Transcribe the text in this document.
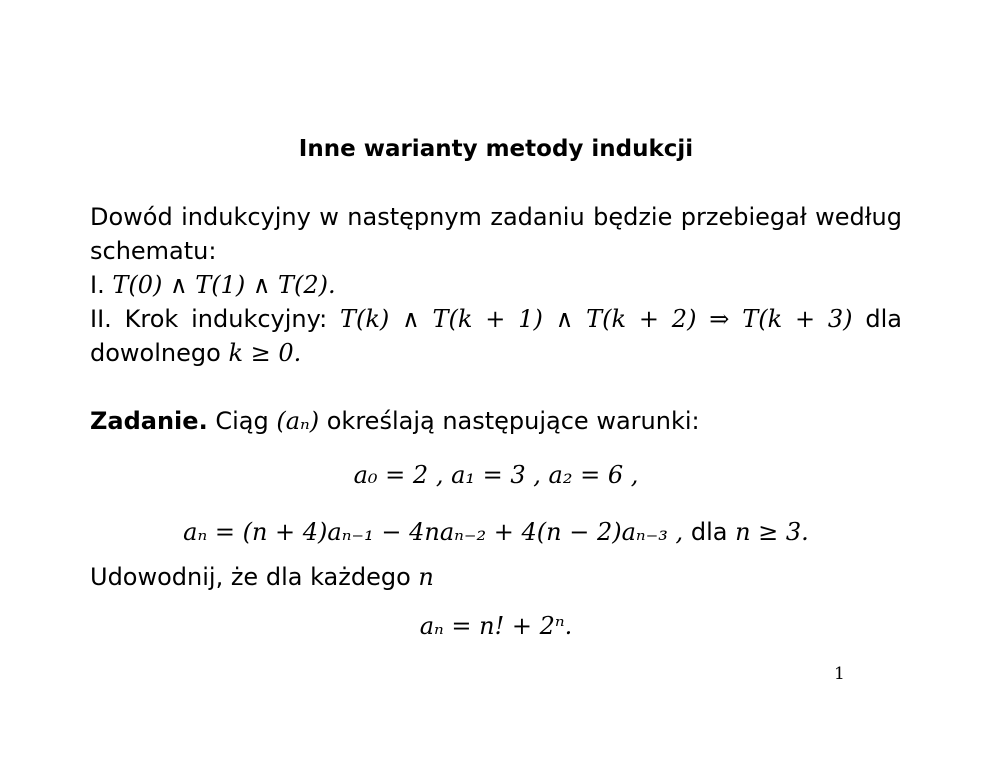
Inne warianty metody indukcji

Dowód indukcyjny w następnym zadaniu będzie przebiegał według schematu:

I. T(0) ∧ T(1) ∧ T(2).

II. Krok indukcyjny: T(k) ∧ T(k + 1) ∧ T(k + 2) ⇒ T(k + 3) dla dowolnego k ≥ 0.

Zadanie. Ciąg (aₙ) określają następujące warunki:
a₀ = 2 , a₁ = 3 , a₂ = 6 ,
aₙ = (n + 4)aₙ₋₁ − 4naₙ₋₂ + 4(n − 2)aₙ₋₃ , dla n ≥ 3.
Udowodnij, że dla każdego n
aₙ = n! + 2ⁿ.
1
